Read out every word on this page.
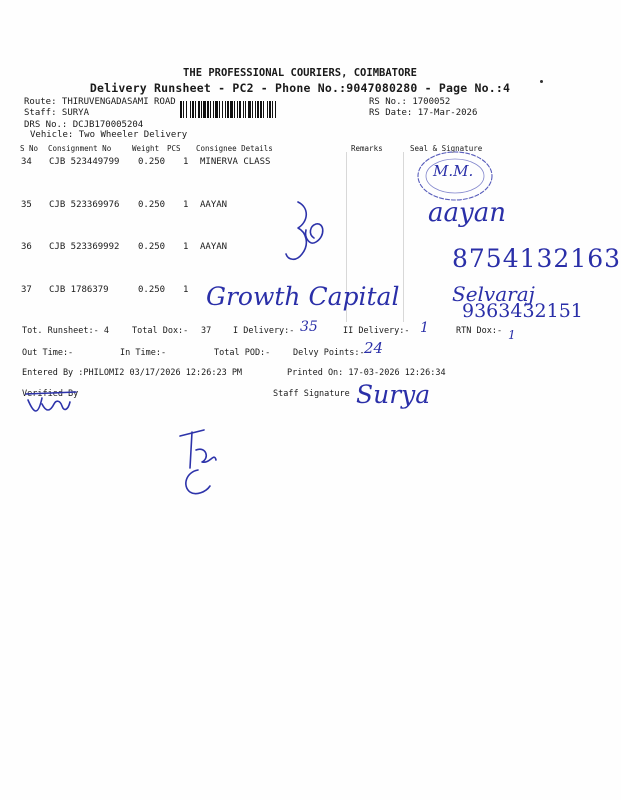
THE PROFESSIONAL COURIERS, COIMBATORE
Delivery Runsheet - PC2 - Phone No.:9047080280 - Page No.:4
Route: THIRUVENGADASAMI ROAD
Staff: SURYA
DRS No.: DCJB170005204
Vehicle: Two Wheeler Delivery
RS No.: 1700052
RS Date: 17-Mar-2026
S No Consignment No	Weight PCS Consignee Details	Remarks	Seal & Signature
34 CJB 523449799 0.250 1 MINERVA CLASS
35 CJB 523369976 0.250 1 AAYAN
36 CJB 523369992 0.250 1 AAYAN
37 CJB 1786379	0.250 1
Tot. Runsheet:- 4	Total Dox:- 37	I Delivery:-	II Delivery:-	RTN Dox:-
Out Time:-	In Time:-	Total POD:-	Delvy Points:-
Entered By :PHILOMI2 03/17/2026 12:26:23 PM	Printed On: 17-03-2026 12:26:34
Verified By	Staff Signature
M.M.
aayan
8754132163
Growth Capital	Selvaraj
9363432151
35	1	1
24
Surya
